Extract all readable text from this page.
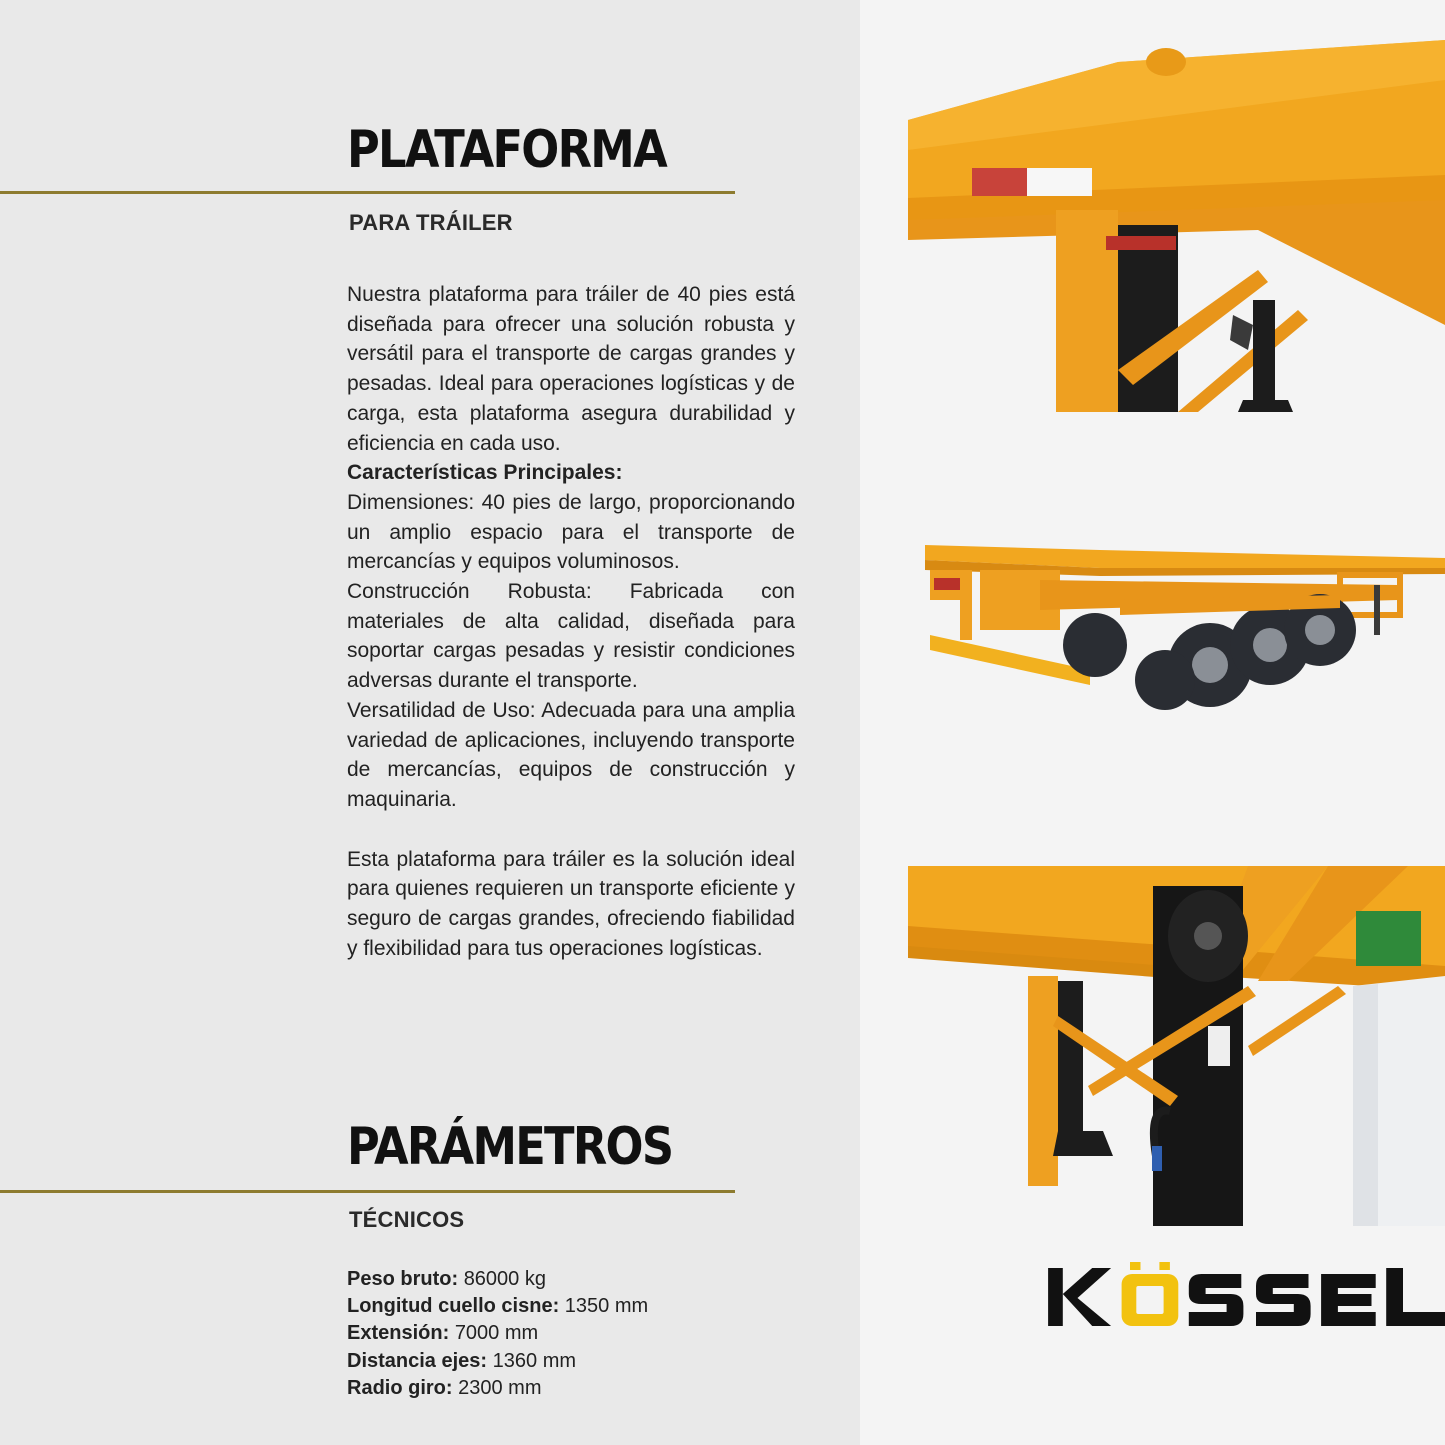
PLATAFORMA
PARA TRÁILER

Nuestra plataforma para tráiler de 40 pies está diseñada para ofrecer una solución robusta y versátil para el transporte de cargas grandes y pesadas. Ideal para operaciones logísticas y de carga, esta plataforma asegura durabilidad y eficiencia en cada uso.

Características Principales:

Dimensiones: 40 pies de largo, proporcionando un amplio espacio para el transporte de mercancías y equipos voluminosos.

Construcción Robusta: Fabricada con materiales de alta calidad, diseñada para soportar cargas pesadas y resistir condiciones adversas durante el transporte.

Versatilidad de Uso: Adecuada para una amplia variedad de aplicaciones, incluyendo transporte de mercancías, equipos de construcción y maquinaria.

Esta plataforma para tráiler es la solución ideal para quienes requieren un transporte eficiente y seguro de cargas grandes, ofreciendo fiabilidad y flexibilidad para tus operaciones logísticas.

PARÁMETROS
TÉCNICOS
Peso bruto: 86000 kg
Longitud cuello cisne: 1350 mm
Extensión: 7000 mm
Distancia ejes: 1360 mm
Radio giro: 2300 mm
